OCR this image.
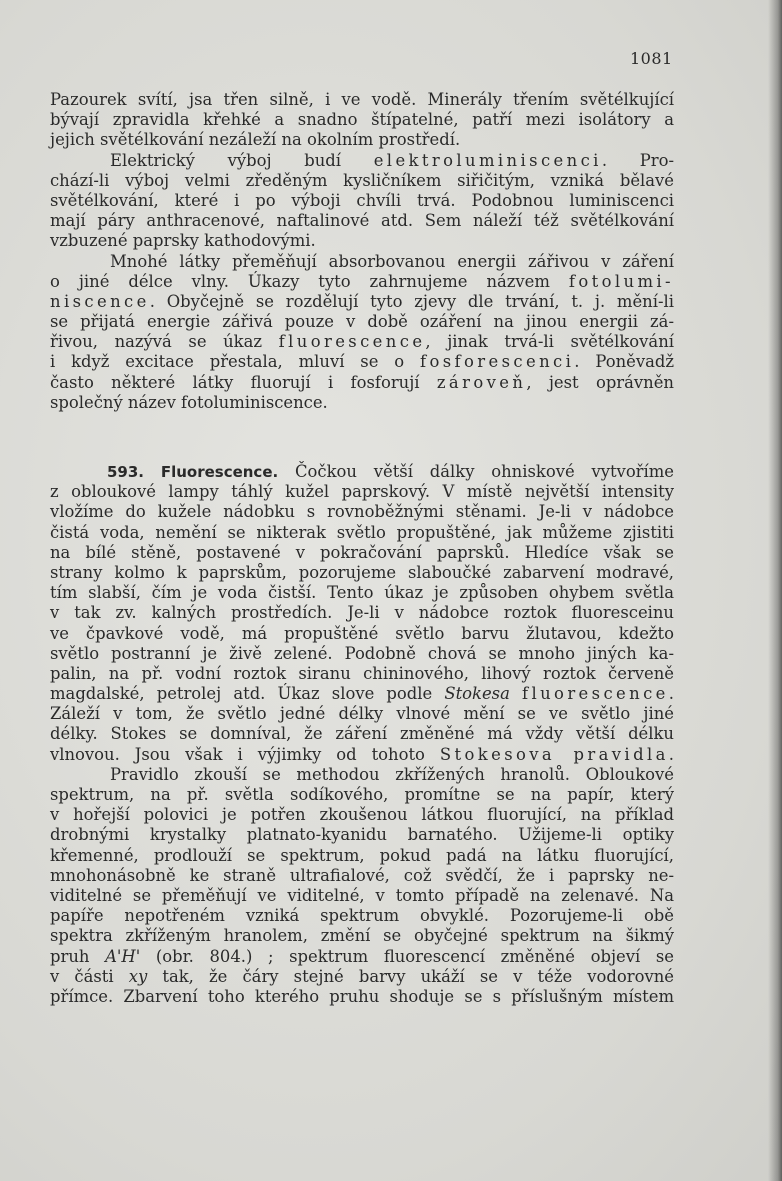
1081
Pazourek svítí, jsa třen silně, i ve vodě. Minerály třením světélkující
bývají zpravidla křehké a snadno štípatelné, patří mezi isolátory a
jejich světélkování nezáleží na okolním prostředí.
Elektrický výboj budí elektroluminiscenci. Pro-
chází-li výboj velmi zředěným kysličníkem siřičitým, vzniká bělavé
světélkování, které i po výboji chvíli trvá. Podobnou luminiscenci
mají páry anthracenové, naftalinové atd. Sem náleží též světélkování
vzbuzené paprsky kathodovými.
Mnohé látky přeměňují absorbovanou energii zářivou v záření
o jiné délce vlny. Úkazy tyto zahrnujeme názvem fotolumi-
niscence. Obyčejně se rozdělují tyto zjevy dle trvání, t. j. mění-li
se přijatá energie zářivá pouze v době ozáření na jinou energii zá-
řivou, nazývá se úkaz fluorescence, jinak trvá-li světélkování
i když excitace přestala, mluví se o fosforescenci. Poněvadž
často některé látky fluorují i fosforují zároveň, jest oprávněn
společný název fotoluminiscence.
593. Fluorescence. Čočkou větší dálky ohniskové vytvoříme
z obloukové lampy táhlý kužel paprskový. V místě největší intensity
vložíme do kužele nádobku s rovnoběžnými stěnami. Je-li v nádobce
čistá voda, nemění se nikterak světlo propuštěné, jak můžeme zjistiti
na bílé stěně, postavené v pokračování paprsků. Hledíce však se
strany kolmo k paprskům, pozorujeme slaboučké zabarvení modravé,
tím slabší, čím je voda čistší. Tento úkaz je způsoben ohybem světla
v tak zv. kalných prostředích. Je-li v nádobce roztok fluoresceinu
ve čpavkové vodě, má propuštěné světlo barvu žlutavou, kdežto
světlo postranní je živě zelené. Podobně chová se mnoho jiných ka-
palin, na př. vodní roztok siranu chininového, lihový roztok červeně
magdalské, petrolej atd. Úkaz slove podle Stokesa fluorescence.
Záleží v tom, že světlo jedné délky vlnové mění se ve světlo jiné
délky. Stokes se domníval, že záření změněné má vždy větší délku
vlnovou. Jsou však i výjimky od tohoto Stokesova pravidla.
Pravidlo zkouší se methodou zkřížených hranolů. Obloukové
spektrum, na př. světla sodíkového, promítne se na papír, který
v hořejší polovici je potřen zkoušenou látkou fluorující, na příklad
drobnými krystalky platnato-kyanidu barnatého. Užijeme-li optiky
křemenné, prodlouží se spektrum, pokud padá na látku fluorující,
mnohonásobně ke straně ultrafialové, což svědčí, že i paprsky ne-
viditelné se přeměňují ve viditelné, v tomto případě na zelenavé. Na
papíře nepotřeném vzniká spektrum obvyklé. Pozorujeme-li obě
spektra zkříženým hranolem, změní se obyčejné spektrum na šikmý
pruh A'H' (obr. 804.) ; spektrum fluorescencí změněné objeví se
v části xy tak, že čáry stejné barvy ukáží se v téže vodorovné
přímce. Zbarvení toho kterého pruhu shoduje se s příslušným místem
